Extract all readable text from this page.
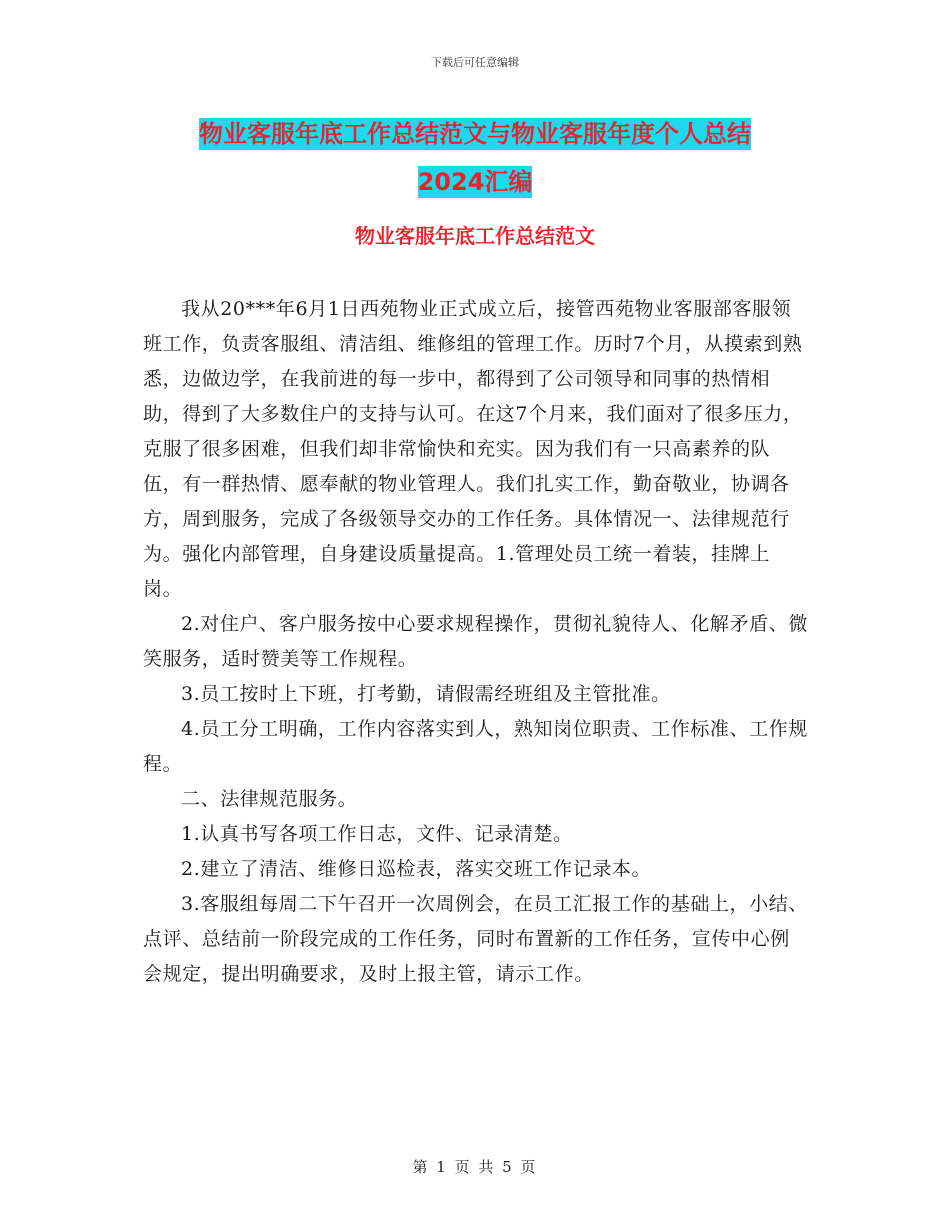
下载后可任意编辑
物业客服年底工作总结范文与物业客服年度个人总结
2024汇编
物业客服年底工作总结范文

我从20***年6月1日西苑物业正式成立后，接管西苑物业客服部客服领班工作，负责客服组、清洁组、维修组的管理工作。历时7个月，从摸索到熟悉，边做边学，在我前进的每一步中，都得到了公司领导和同事的热情相助，得到了大多数住户的支持与认可。在这7个月来，我们面对了很多压力，克服了很多困难，但我们却非常愉快和充实。因为我们有一只高素养的队伍，有一群热情、愿奉献的物业管理人。我们扎实工作，勤奋敬业，协调各方，周到服务，完成了各级领导交办的工作任务。具体情况一、法律规范行为。强化内部管理，自身建设质量提高。1.管理处员工统一着装，挂牌上岗。

2.对住户、客户服务按中心要求规程操作，贯彻礼貌待人、化解矛盾、微笑服务，适时赞美等工作规程。

3.员工按时上下班，打考勤，请假需经班组及主管批准。

4.员工分工明确，工作内容落实到人，熟知岗位职责、工作标准、工作规程。

二、法律规范服务。

1.认真书写各项工作日志，文件、记录清楚。

2.建立了清洁、维修日巡检表，落实交班工作记录本。

3.客服组每周二下午召开一次周例会，在员工汇报工作的基础上，小结、点评、总结前一阶段完成的工作任务，同时布置新的工作任务，宣传中心例会规定，提出明确要求，及时上报主管，请示工作。

第 1 页 共 5 页
